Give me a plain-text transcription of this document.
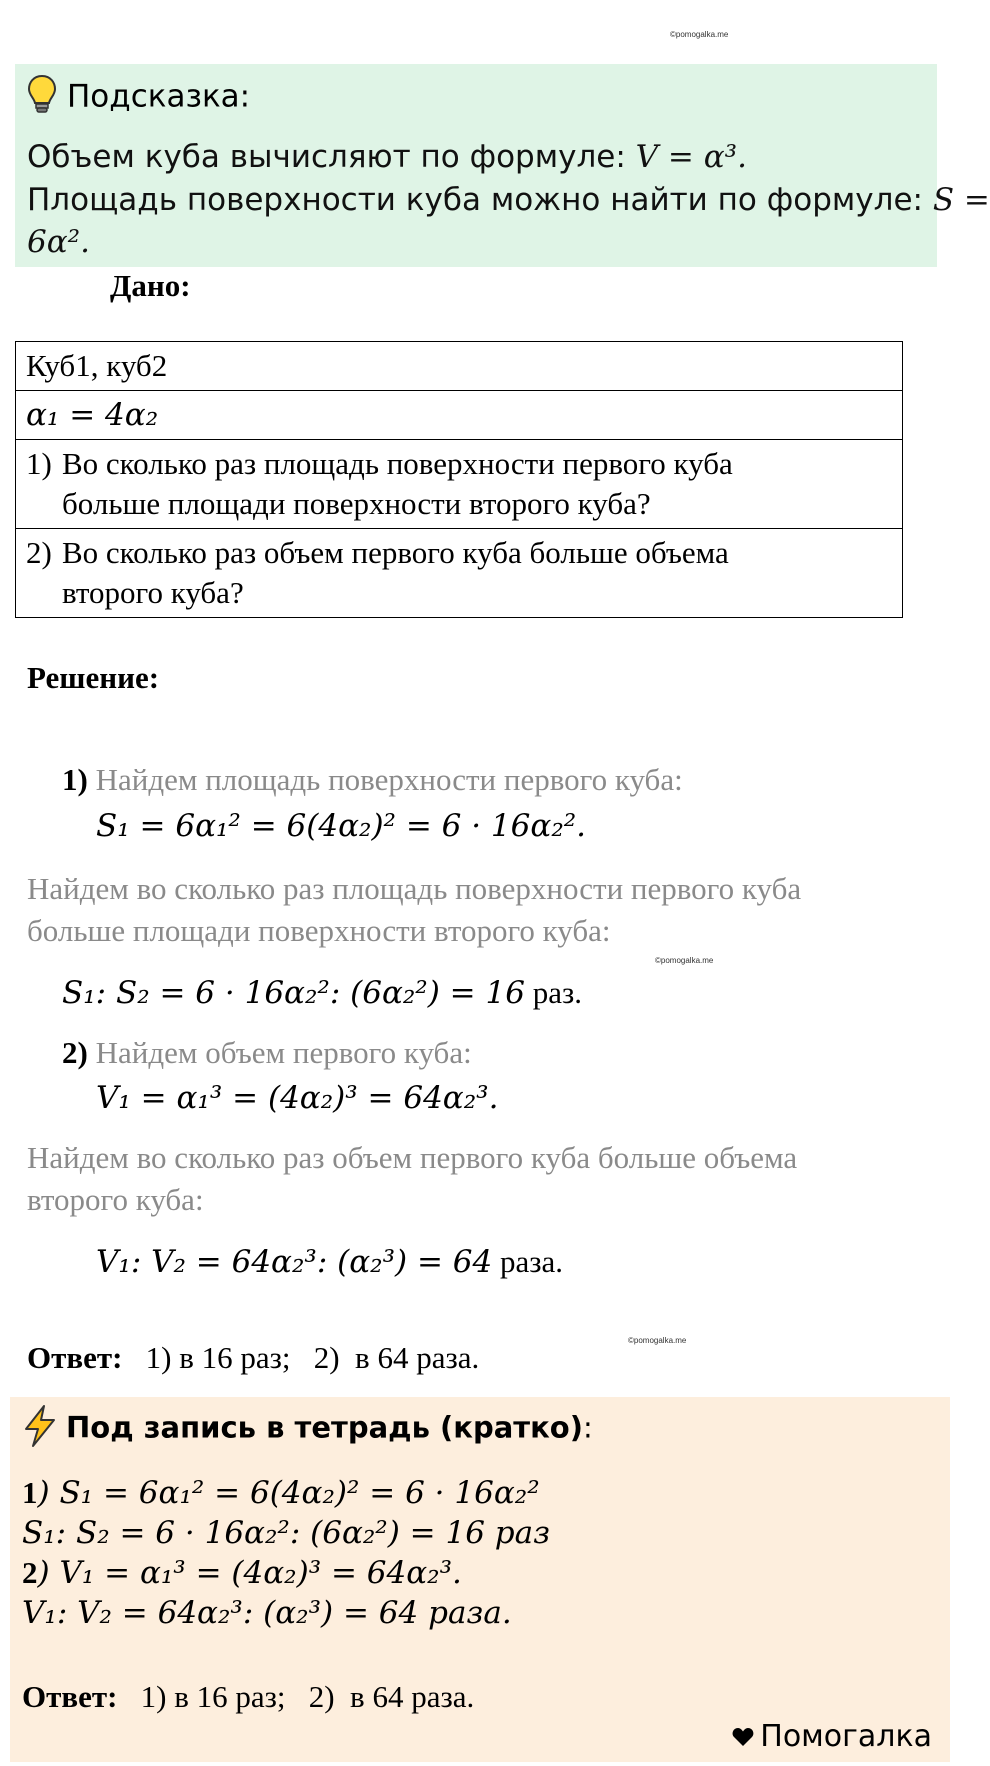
©pomogalka.me
©pomogalka.me
©pomogalka.me
Подсказка:
Объем куба вычисляют по формуле: V = α³.
Площадь поверхности куба можно найти по формуле: S =
6α².
Дано:
Куб1, куб2
α₁ = 4α₂
1) Во сколько раз площадь поверхности первого куба
больше площади поверхности второго куба?

2) Во сколько раз объем первого куба больше объема
второго куба?
Решение:
1) Найдем площадь поверхности первого куба:
S₁ = 6α₁² = 6(4α₂)² = 6 · 16α₂².
Найдем во сколько раз площадь поверхности первого куба
больше площади поверхности второго куба:
S₁: S₂ = 6 · 16α₂²: (6α₂²) = 16 раз.
2) Найдем объем первого куба:
V₁ = α₁³ = (4α₂)³ = 64α₂³.
Найдем во сколько раз объем первого куба больше объема
второго куба:
V₁: V₂ = 64α₂³: (α₂³) = 64 раза.
Ответ:   1) в 16 раз;   2)  в 64 раза.
Под запись в тетрадь (кратко):
1) S₁ = 6α₁² = 6(4α₂)² = 6 · 16α₂²
S₁: S₂ = 6 · 16α₂²: (6α₂²) = 16 раз
2) V₁ = α₁³ = (4α₂)³ = 64α₂³.
V₁: V₂ = 64α₂³: (α₂³) = 64 раза.
Ответ:   1) в 16 раз;   2)  в 64 раза.
Помогалка
